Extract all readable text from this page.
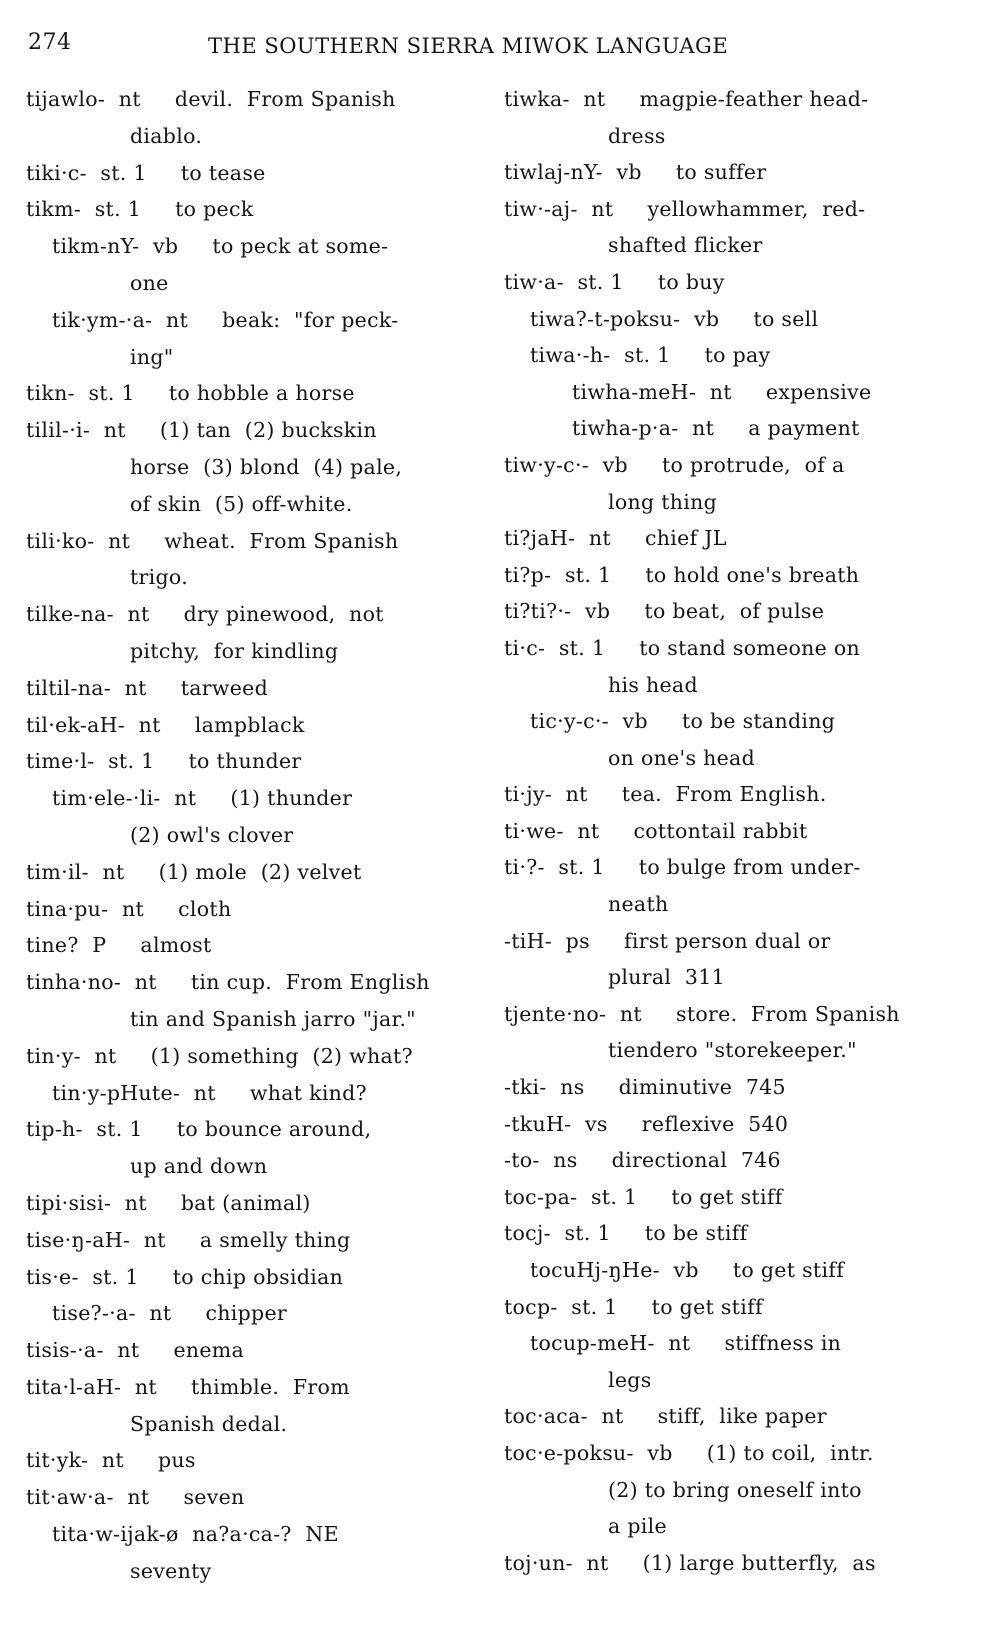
274	THE SOUTHERN SIERRA MIWOK LANGUAGE
tijawlo-  nt     devil.  From Spanish
diablo.
tiki·c-  st. 1     to tease
tikm-  st. 1     to peck
tikm-nY-  vb     to peck at some-
one
tik·ym-·a-  nt     beak:  "for peck-
ing"
tikn-  st. 1     to hobble a horse
tilil-·i-  nt     (1) tan  (2) buckskin
horse  (3) blond  (4) pale,
of skin  (5) off-white.
tili·ko-  nt     wheat.  From Spanish
trigo.
tilke-na-  nt     dry pinewood,  not
pitchy,  for kindling
tiltil-na-  nt     tarweed
til·ek-aH-  nt     lampblack
time·l-  st. 1     to thunder
tim·ele-·li-  nt     (1) thunder
(2) owl's clover
tim·il-  nt     (1) mole  (2) velvet
tina·pu-  nt     cloth
tine?  P     almost
tinha·no-  nt     tin cup.  From English
tin and Spanish jarro "jar."
tin·y-  nt     (1) something  (2) what?
tin·y-pHute-  nt     what kind?
tip-h-  st. 1     to bounce around,
up and down
tipi·sisi-  nt     bat (animal)
tise·ŋ-aH-  nt     a smelly thing
tis·e-  st. 1     to chip obsidian
tise?-·a-  nt     chipper
tisis-·a-  nt     enema
tita·l-aH-  nt     thimble.  From
Spanish dedal.
tit·yk-  nt     pus
tit·aw·a-  nt     seven
tita·w-ijak-ø  na?a·ca-?  NE
seventy
tiwka-  nt     magpie-feather head-
dress
tiwlaj-nY-  vb     to suffer
tiw·-aj-  nt     yellowhammer,  red-
shafted flicker
tiw·a-  st. 1     to buy
tiwa?-t-poksu-  vb     to sell
tiwa·-h-  st. 1     to pay
tiwha-meH-  nt     expensive
tiwha-p·a-  nt     a payment
tiw·y-c·-  vb     to protrude,  of a
long thing
ti?jaH-  nt     chief JL
ti?p-  st. 1     to hold one's breath
ti?ti?·-  vb     to beat,  of pulse
ti·c-  st. 1     to stand someone on
his head
tic·y-c·-  vb     to be standing
on one's head
ti·jy-  nt     tea.  From English.
ti·we-  nt     cottontail rabbit
ti·?-  st. 1     to bulge from under-
neath
-tiH-  ps     first person dual or
plural  311
tjente·no-  nt     store.  From Spanish
tiendero "storekeeper."
-tki-  ns     diminutive  745
-tkuH-  vs     reflexive  540
-to-  ns     directional  746
toc-pa-  st. 1     to get stiff
tocj-  st. 1     to be stiff
tocuHj-ŋHe-  vb     to get stiff
tocp-  st. 1     to get stiff
tocup-meH-  nt     stiffness in
legs
toc·aca-  nt     stiff,  like paper
toc·e-poksu-  vb     (1) to coil,  intr.
(2) to bring oneself into
a pile
toj·un-  nt     (1) large butterfly,  as
